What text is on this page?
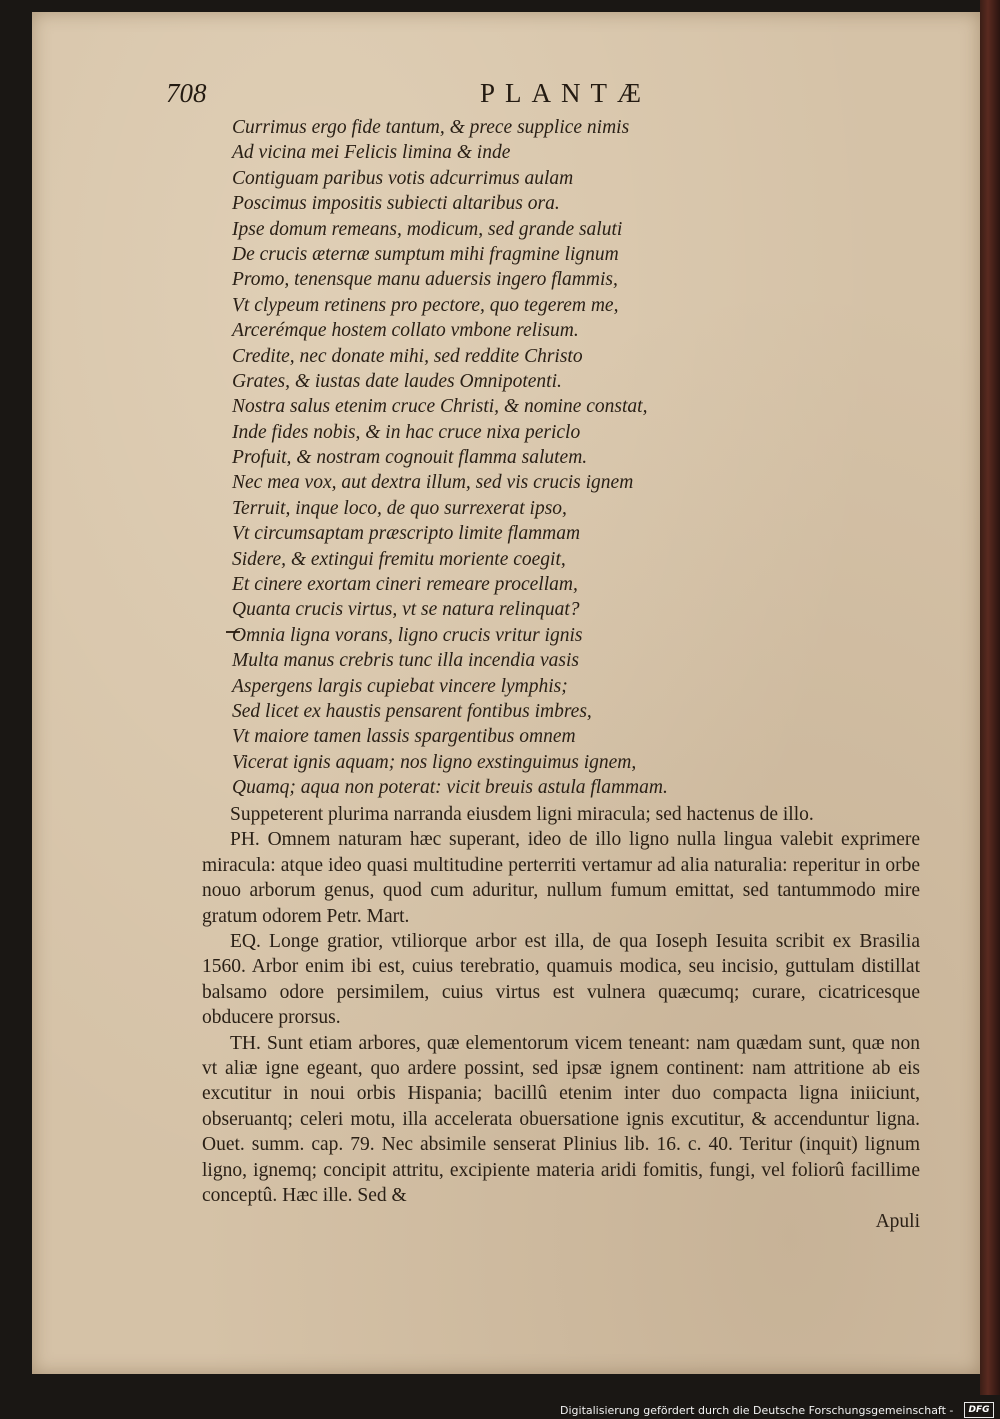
708	PLANTÆ
Currimus ergo fide tantum, & prece supplice nimis
Ad vicina mei Felicis limina & inde
Contiguam paribus votis adcurrimus aulam
Poscimus impositis subiecti altaribus ora.
Ipse domum remeans, modicum, sed grande saluti
De crucis æternæ sumptum mihi fragmine lignum
Promo, tenensque manu aduersis ingero flammis,
Vt clypeum retinens pro pectore, quo tegerem me,
Arcerémque hostem collato vmbone relisum.
Credite, nec donate mihi, sed reddite Christo
Grates, & iustas date laudes Omnipotenti.
Nostra salus etenim cruce Christi, & nomine constat,
Inde fides nobis, & in hac cruce nixa periclo
Profuit, & nostram cognouit flamma salutem.
Nec mea vox, aut dextra illum, sed vis crucis ignem
Terruit, inque loco, de quo surrexerat ipso,
Vt circumsaptam præscripto limite flammam
Sidere, & extingui fremitu moriente coegit,
Et cinere exortam cineri remeare procellam,
Quanta crucis virtus, vt se natura relinquat?
Omnia ligna vorans, ligno crucis vritur ignis
Multa manus crebris tunc illa incendia vasis
Aspergens largis cupiebat vincere lymphis;
Sed licet ex haustis pensarent fontibus imbres,
Vt maiore tamen lassis spargentibus omnem
Vicerat ignis aquam; nos ligno exstinguimus ignem,
Quamq; aqua non poterat: vicit breuis astula flammam.

Suppeterent plurima narranda eiusdem ligni miracula; sed hactenus de illo.

PH. Omnem naturam hæc superant, ideo de illo ligno nulla lingua valebit exprimere miracula: atque ideo quasi multitudine perterriti vertamur ad alia naturalia: reperitur in orbe nouo arborum genus, quod cum aduritur, nullum fumum emittat, sed tantummodo mire gratum odorem Petr. Mart.

EQ. Longe gratior, vtiliorque arbor est illa, de qua Ioseph Iesuita scribit ex Brasilia 1560. Arbor enim ibi est, cuius terebratio, quamuis modica, seu incisio, guttulam distillat balsamo odore persimilem, cuius virtus est vulnera quæcumq; curare, cicatricesque obducere prorsus.

TH. Sunt etiam arbores, quæ elementorum vicem teneant: nam quædam sunt, quæ non vt aliæ igne egeant, quo ardere possint, sed ipsæ ignem continent: nam attritione ab eis excutitur in noui orbis Hispania; bacillû etenim inter duo compacta ligna iniiciunt, obseruantq; celeri motu, illa accelerata obuersatione ignis excutitur, & accenduntur ligna. Ouet. summ. cap. 79. Nec absimile senserat Plinius lib. 16. c. 40. Teritur (inquit) lignum ligno, ignemq; concipit attritu, excipiente materia aridi fomitis, fungi, vel foliorû facillime conceptû. Hæc ille. Sed &

Apuli

Digitalisierung gefördert durch die Deutsche Forschungsgemeinschaft -	DFG
